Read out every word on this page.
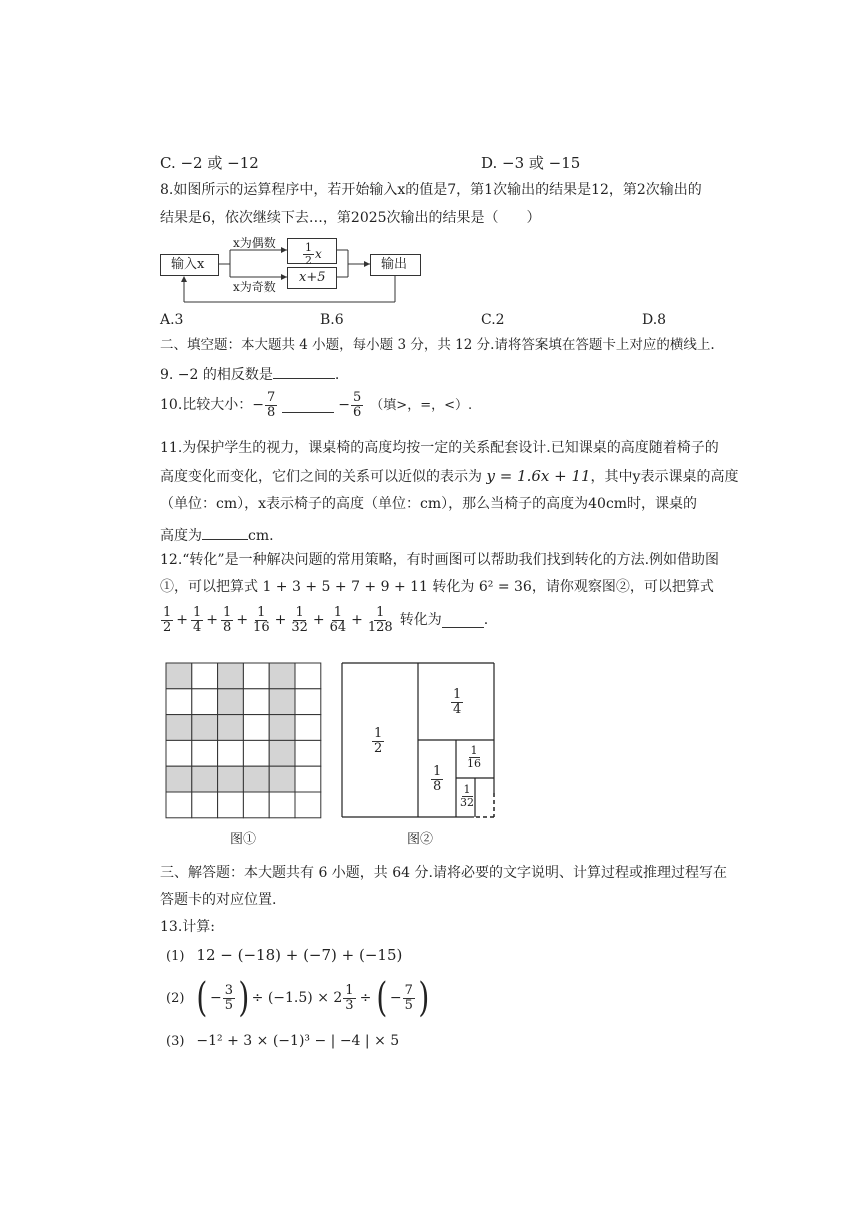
C. −2 或 −12	D. −3 或 −15
8.如图所示的运算程序中，若开始输入x的值是7，第1次输出的结果是12，第2次输出的
结果是6，依次继续下去…，第2025次输出的结果是（　　）
输入x
x为偶数
x为奇数
$\frac{1}{2}$ x
x+5
输出
A.3	B.6	C.2	D.8
二、填空题：本大题共 4 小题，每小题 3 分，共 12 分.请将答案填在答题卡上对应的横线上.
9. −2 的相反数是	.
10.比较大小： − $\frac{7}{8}$	− $\frac{5}{6}$ （填>，=，<）.
11.为保护学生的视力，课桌椅的高度均按一定的关系配套设计.已知课桌的高度随着椅子的
高度变化而变化，它们之间的关系可以近似的表示为 y = 1.6x + 11，其中y表示课桌的高度
（单位：cm），x表示椅子的高度（单位：cm），那么当椅子的高度为40cm时，课桌的
高度为	cm.
12.“转化”是一种解决问题的常用策略，有时画图可以帮助我们找到转化的方法.例如借助图
①，可以把算式 1 + 3 + 5 + 7 + 9 + 11 转化为 6² = 36，请你观察图②，可以把算式
$\frac{1}{2} + \frac{1}{4} + \frac{1}{8} + \frac{1}{16} + \frac{1}{32} + \frac{1}{64} + \frac{1}{128}$ 转化为	.
图①
$\frac{1}{2}$
$\frac{1}{4}$
$\frac{1}{8}$
$\frac{1}{16}$
$\frac{1}{32}$
图②
三、解答题：本大题共有 6 小题，共 64 分.请将必要的文字说明、计算过程或推理过程写在
答题卡的对应位置.
13.计算:
(1) 12 − (−18) + (−7) + (−15)
(2) ( − $\frac{3}{5}$ ) ÷ $(-1.5) \times 2 \frac{1}{3}$ ÷ ( − $\frac{7}{5}$ )
(3) −1² + 3 × (−1)³ − | −4 | × 5
